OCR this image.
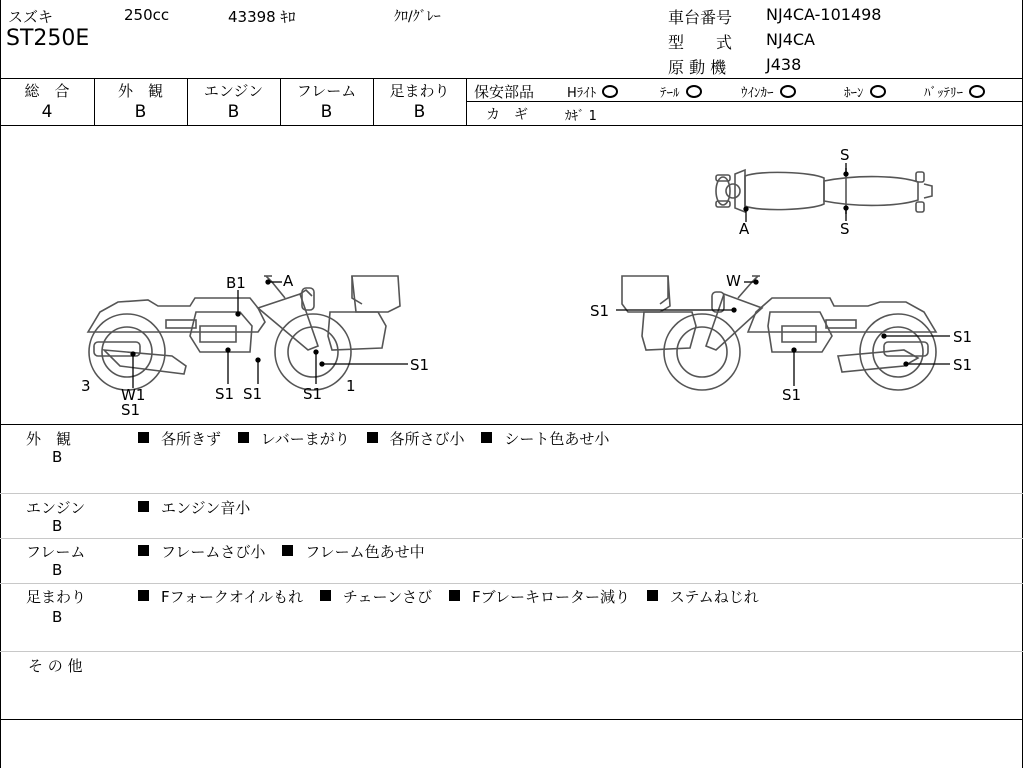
スズキ	250cc	43398 ｷﾛ	ｸﾛ/ｸﾞﾚｰ
ST250E
車台番号 NJ4CA-101498
型　　式 NJ4CA
原 動 機 J438
総　合
4
外　観
B
エンジン
B
フレーム
B
足まわり
B
保安部品	Hﾗｲﾄ	ﾃｰﾙ	ｳｲﾝｶｰ	ﾎｰﾝ	ﾊﾞｯﾃﾘｰ
カ　ギ	ｶｷﾞ 1
S
A	S
B1 A
3 W1
S1
S1 S1	S1 1
S1
W
S1
S1
S1
S1
外　観
B
各所きず	レバーまがり	各所さび小	シート色あせ小
エンジン
B
エンジン音小
フレーム
B
フレームさび小	フレーム色あせ中
足まわり
B
Fフォークオイルもれ	チェーンさび	Fブレーキローター減り	ステムねじれ
そ の 他
